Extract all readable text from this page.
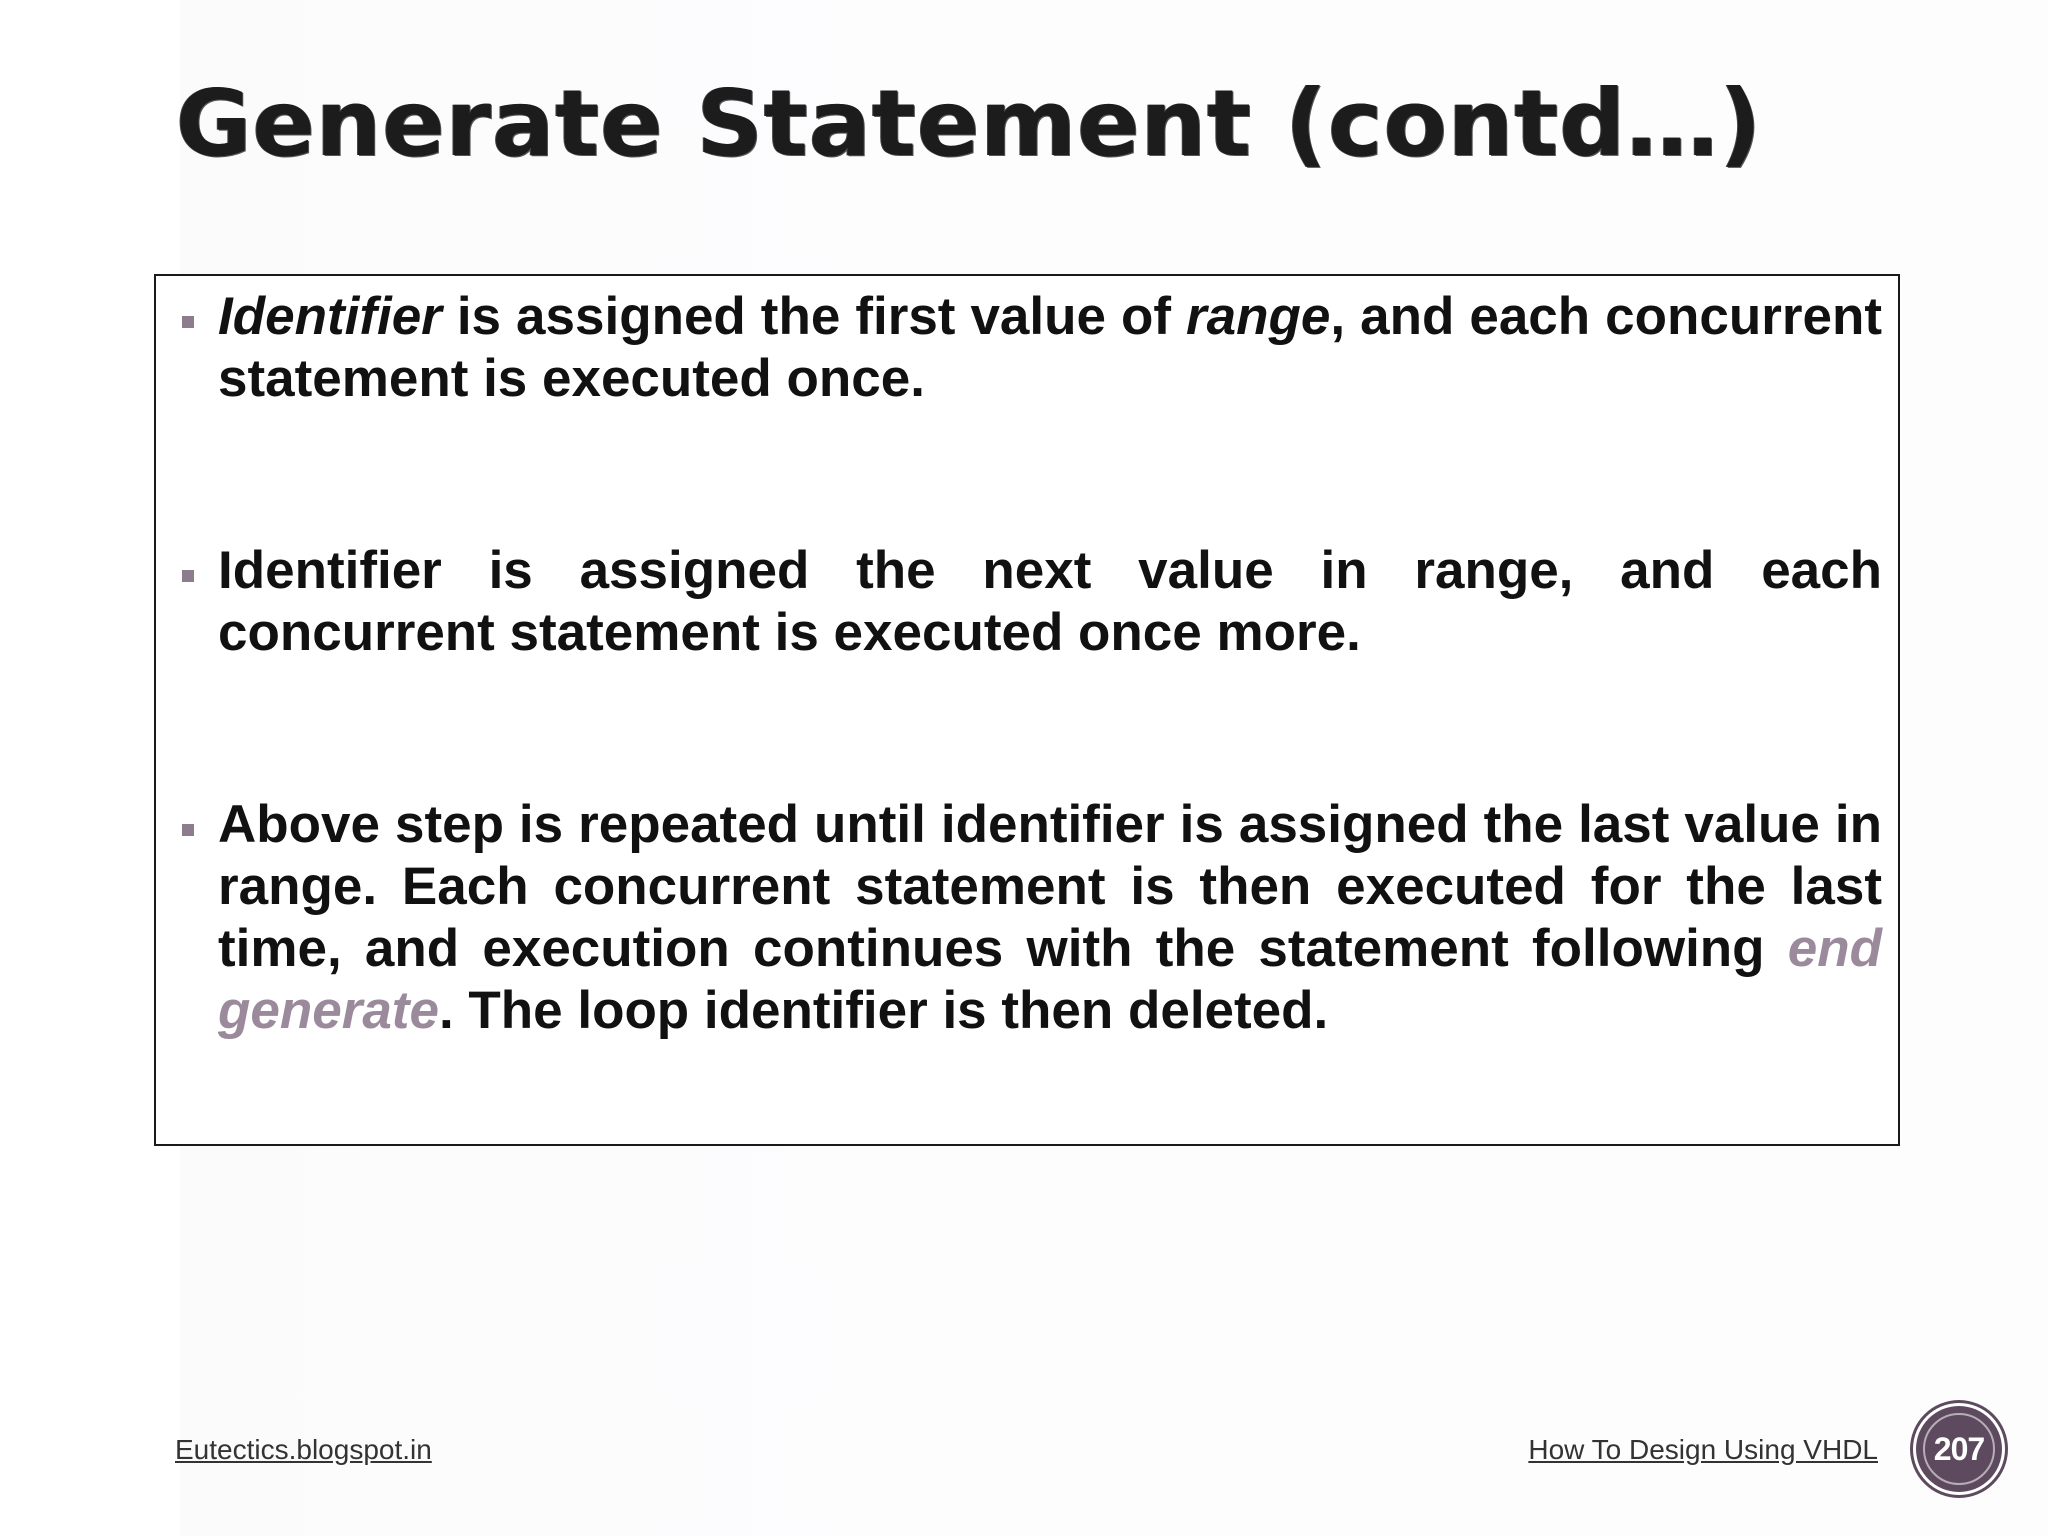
Generate Statement (contd…)
Identifier is assigned the first value of range, and each concurrent statement is executed once.
Identifier is assigned the next value in range, and each concurrent statement is executed once more.
Above step is repeated until identifier is assigned the last value in range. Each concurrent statement is then executed for the last time, and execution continues with the statement following end generate. The loop identifier is then deleted.
Eutectics.blogspot.in	How To Design Using VHDL	207
